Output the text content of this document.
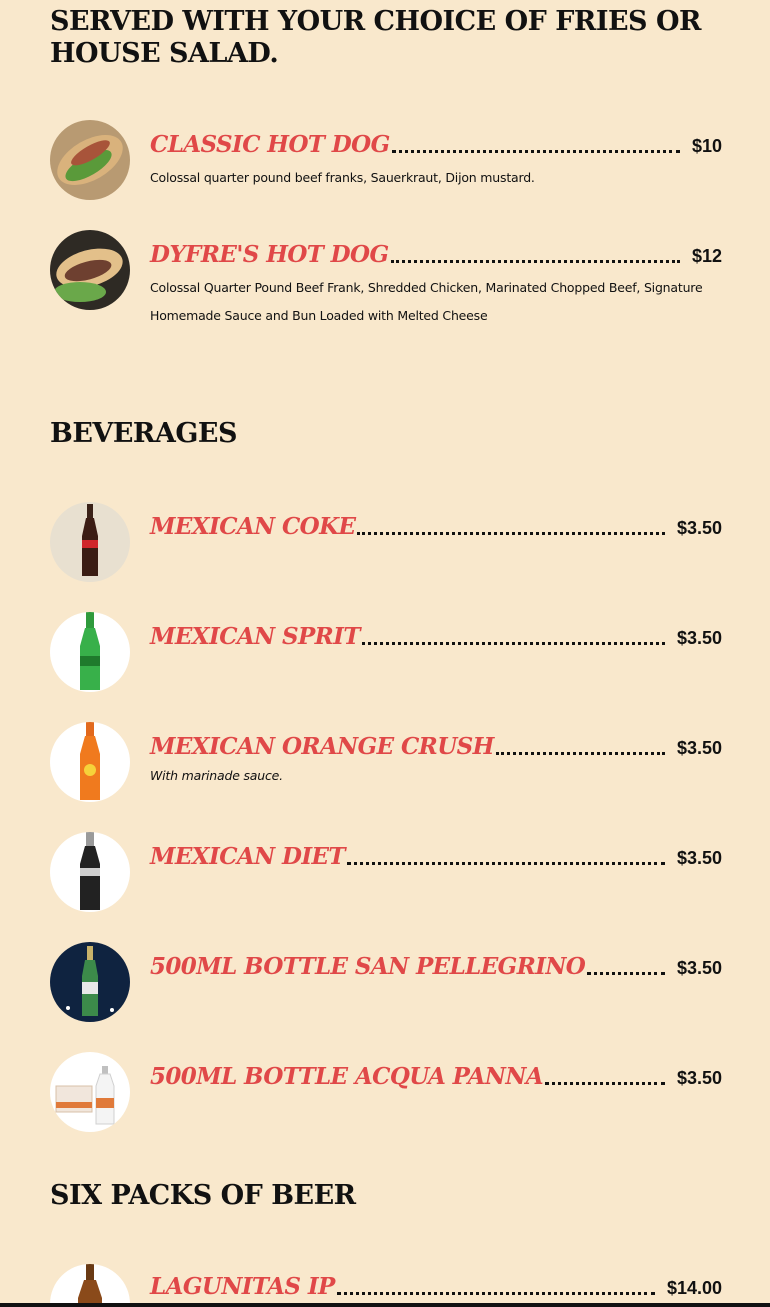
SERVED WITH YOUR CHOICE OF FRIES OR HOUSE SALAD.
CLASSIC HOT DOG	$10
Colossal quarter pound beef franks, Sauerkraut, Dijon mustard.
DYFRE'S HOT DOG	$12
Colossal Quarter Pound Beef Frank, Shredded Chicken, Marinated Chopped Beef, Signature Homemade Sauce and Bun Loaded with Melted Cheese
BEVERAGES
MEXICAN COKE	$3.50
MEXICAN SPRIT	$3.50
MEXICAN ORANGE CRUSH	$3.50
With marinade sauce.
MEXICAN DIET	$3.50
500ML BOTTLE SAN PELLEGRINO	$3.50
500ML BOTTLE ACQUA PANNA	$3.50
SIX PACKS OF BEER
LAGUNITAS IP	$14.00
